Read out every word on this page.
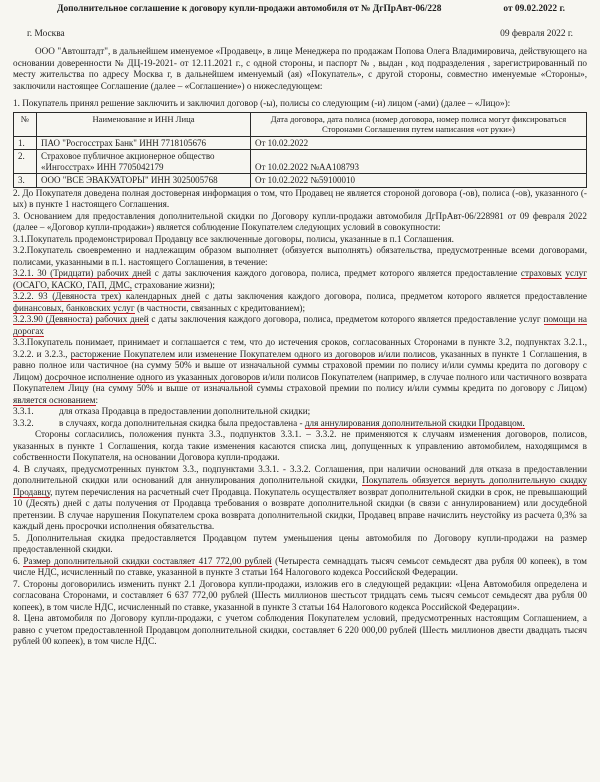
Дополнительное соглашение к договору купли-продажи автомобиля от № ДгПрАвт-06/228	от 09.02.2022 г.
г. Москва	09 февраля 2022 г.
ООО "Автоштадт", в дальнейшем именуемое «Продавец», в лице Менеджера по продажам Попова Олега Владимировича, действующего на основании доверенности № ДЦ-19-2021- от 12.11.2021 г., с одной стороны, и паспорт № , выдан , код подразделения , зарегистрированный по месту жительства по адресу Москва г, в дальнейшем именуемый (ая) «Покупатель», с другой стороны, совместно именуемые «Стороны», заключили настоящее Соглашение (далее – «Соглашение») о нижеследующем:

1. Покупатель принял решение заключить и заключил договор (-ы), полисы со следующим (-и) лицом (-ами) (далее – «Лицо»):

№	Наименование и ИНН Лица	Дата договора, дата полиса (номер договора, номер полиса могут фиксироваться Сторонами Соглашения путем написания «от руки»)
1.	ПАО "Росгосстрах Банк" ИНН 7718105676	От 10.02.2022
2.	Страховое публичное акционерное общество «Ингосстрах» ИНН 7705042179	От 10.02.2022 №АА108793
3.	ООО "ВСЕ ЭВАКУАТОРЫ" ИНН 3025005768	От 10.02.2022 №59100010

2. До Покупателя доведена полная достоверная информация о том, что Продавец не является стороной договора (-ов), полиса (-ов), указанного (-ых) в пункте 1 настоящего Соглашения.

3. Основанием для предоставления дополнительной скидки по Договору купли-продажи автомобиля ДгПрАвт-06/228981 от 09 февраля 2022 (далее – «Договор купли-продажи») является соблюдение Покупателем следующих условий в совокупности:

3.1.Покупатель продемонстрировал Продавцу все заключенные договоры, полисы, указанные в п.1 Соглашения.

3.2.Покупатель своевременно и надлежащим образом выполняет (обязуется выполнять) обязательства, предусмотренные всеми договорами, полисами, указанными в п.1. настоящего Соглашения, в течение:

3.2.1. 30 (Тридцати) рабочих дней с даты заключения каждого договора, полиса, предмет которого является предоставление страховых услуг (ОСАГО, КАСКО, ГАП, ДМС, страхование жизни);

3.2.2. 93 (Девяноста трех) календарных дней с даты заключения каждого договора, полиса, предметом которого является предоставление финансовых, банковских услуг (в частности, связанных с кредитованием);

3.2.3.90 (Девяноста) рабочих дней с даты заключения каждого договора, полиса, предметом которого является предоставление услуг помощи на дорогах

3.3.Покупатель понимает, принимает и соглашается с тем, что до истечения сроков, согласованных Сторонами в пункте 3.2, подпунктах 3.2.1., 3.2.2. и 3.2.3., расторжение Покупателем или изменение Покупателем одного из договоров и/или полисов, указанных в пункте 1 Соглашения, в равно полное или частичное (на сумму 50% и выше от изначальной суммы страховой премии по полису и/или суммы кредита по договору с Лицом) досрочное исполнение одного из указанных договоров и/или полисов Покупателем (например, в случае полного или частичного возврата Покупателем Лицу (на сумму 50% и выше от изначальной суммы страховой премии по полису и/или суммы кредита по договору с Лицом) является основанием:

3.3.1.	для отказа Продавца в предоставлении дополнительной скидки;
3.3.2.	в случаях, когда дополнительная скидка была предоставлена - для аннулирования дополнительной скидки Продавцом.

Стороны согласились, положения пункта 3.3., подпунктов 3.3.1. – 3.3.2. не применяются к случаям изменения договоров, полисов, указанных в пункте 1 Соглашения, когда такие изменения касаются списка лиц, допущенных к управлению автомобилем, находящимся в собственности Покупателя, на основании Договора купли-продажи.

4. В случаях, предусмотренных пунктом 3.3., подпунктами 3.3.1. - 3.3.2. Соглашения, при наличии оснований для отказа в предоставлении дополнительной скидки или оснований для аннулирования дополнительной скидки, Покупатель обязуется вернуть дополнительную скидку Продавцу, путем перечисления на расчетный счет Продавца. Покупатель осуществляет возврат дополнительной скидки в срок, не превышающий 10 (Десять) дней с даты получения от Продавца требования о возврате дополнительной скидки (в связи с аннулированием) или досудебной претензии. В случае нарушения Покупателем срока возврата дополнительной скидки, Продавец вправе начислить неустойку из расчета 0,3% за каждый день просрочки исполнения обязательства.

5. Дополнительная скидка предоставляется Продавцом путем уменьшения цены автомобиля по Договору купли-продажи на размер предоставленной скидки.

6. Размер дополнительной скидки составляет 417 772,00 рублей (Четыреста семнадцать тысяч семьсот семьдесят два рубля 00 копеек), в том числе НДС, исчисленный по ставке, указанной в пункте 3 статьи 164 Налогового кодекса Российской Федерации.

7. Стороны договорились изменить пункт 2.1 Договора купли-продажи, изложив его в следующей редакции: «Цена Автомобиля определена и согласована Сторонами, и составляет 6 637 772,00 рублей (Шесть миллионов шестьсот тридцать семь тысяч семьсот семьдесят два рубля 00 копеек), в том числе НДС, исчисленный по ставке, указанной в пункте 3 статьи 164 Налогового кодекса Российской Федерации».

8. Цена автомобиля по Договору купли-продажи, с учетом соблюдения Покупателем условий, предусмотренных настоящим Соглашением, а равно с учетом предоставленной Продавцом дополнительной скидки, составляет 6 220 000,00 рублей (Шесть миллионов двести двадцать тысяч рублей 00 копеек), в том числе НДС.
